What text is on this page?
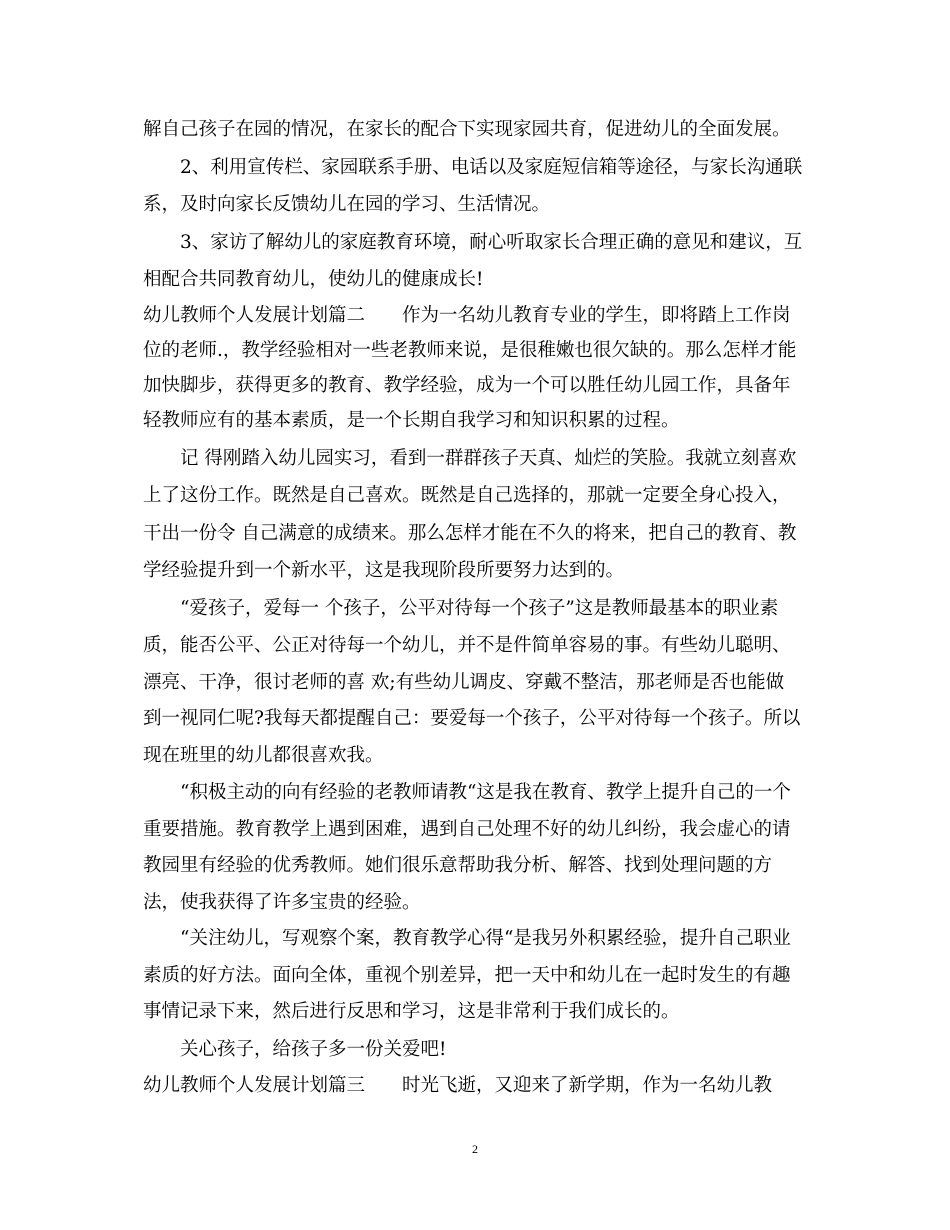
解自己孩子在园的情况，在家长的配合下实现家园共育，促进幼儿的全面发展。
2、利用宣传栏、家园联系手册、电话以及家庭短信箱等途径，与家长沟通联
系，及时向家长反馈幼儿在园的学习、生活情况。
3、家访了解幼儿的家庭教育环境，耐心听取家长合理正确的意见和建议，互
相配合共同教育幼儿，使幼儿的健康成长!
幼儿教师个人发展计划篇二　　作为一名幼儿教育专业的学生，即将踏上工作岗
位的老师.，教学经验相对一些老教师来说，是很稚嫩也很欠缺的。那么怎样才能
加快脚步，获得更多的教育、教学经验，成为一个可以胜任幼儿园工作，具备年
轻教师应有的基本素质，是一个长期自我学习和知识积累的过程。
记 得刚踏入幼儿园实习，看到一群群孩子天真、灿烂的笑脸。我就立刻喜欢
上了这份工作。既然是自己喜欢。既然是自己选择的，那就一定要全身心投入，
干出一份令 自己满意的成绩来。那么怎样才能在不久的将来，把自己的教育、教
学经验提升到一个新水平，这是我现阶段所要努力达到的。
“爱孩子，爱每一 个孩子，公平对待每一个孩子”这是教师最基本的职业素
质，能否公平、公正对待每一个幼儿，并不是件简单容易的事。有些幼儿聪明、
漂亮、干净，很讨老师的喜 欢;有些幼儿调皮、穿戴不整洁，那老师是否也能做
到一视同仁呢?我每天都提醒自己：要爱每一个孩子，公平对待每一个孩子。所以
现在班里的幼儿都很喜欢我。
“积极主动的向有经验的老教师请教“这是我在教育、教学上提升自己的一个
重要措施。教育教学上遇到困难，遇到自己处理不好的幼儿纠纷，我会虚心的请
教园里有经验的优秀教师。她们很乐意帮助我分析、解答、找到处理问题的方
法，使我获得了许多宝贵的经验。
“关注幼儿，写观察个案，教育教学心得“是我另外积累经验，提升自己职业
素质的好方法。面向全体，重视个别差异，把一天中和幼儿在一起时发生的有趣
事情记录下来，然后进行反思和学习，这是非常利于我们成长的。
关心孩子，给孩子多一份关爱吧!
幼儿教师个人发展计划篇三　　时光飞逝，又迎来了新学期，作为一名幼儿教
2
